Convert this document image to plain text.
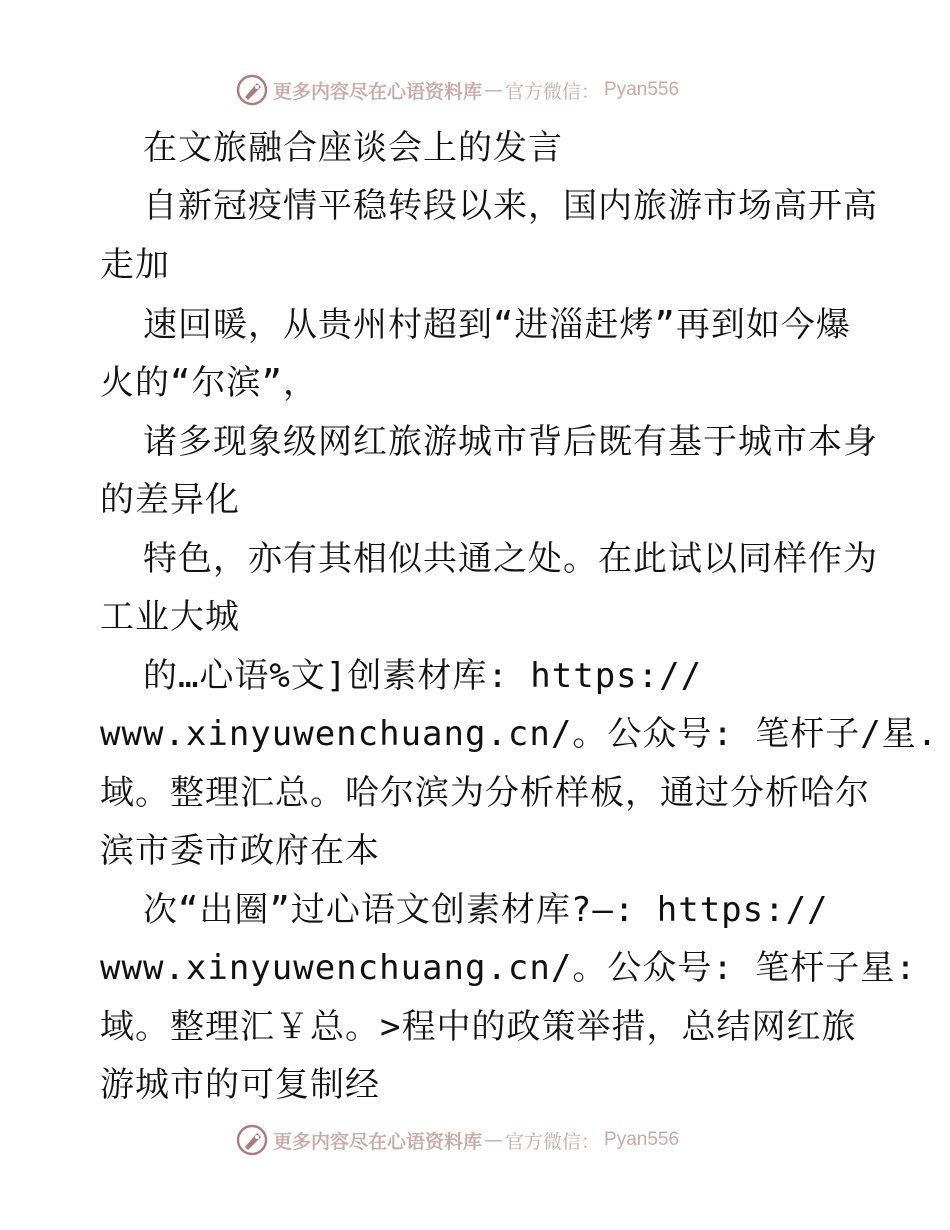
更多内容尽在心语资料库 — 官方微信： Pyan556
在文旅融合座谈会上的发言
自新冠疫情平稳转段以来，国内旅游市场高开高
走加
速回暖，从贵州村超到“进淄赶烤”再到如今爆
火的“尔滨”，
诸多现象级网红旅游城市背后既有基于城市本身
的差异化
特色，亦有其相似共通之处。在此试以同样作为
工业大城
的…心语%文]创素材库: https://
www.xinyuwenchuang.cn/。公众号: 笔杆子/星.
域。整理汇总。哈尔滨为分析样板，通过分析哈尔
滨市委市政府在本
次“出圈”过心语文创素材库?—: https://
www.xinyuwenchuang.cn/。公众号: 笔杆子星:
域。整理汇￥总。>程中的政策举措，总结网红旅
游城市的可复制经
更多内容尽在心语资料库 — 官方微信： Pyan556
